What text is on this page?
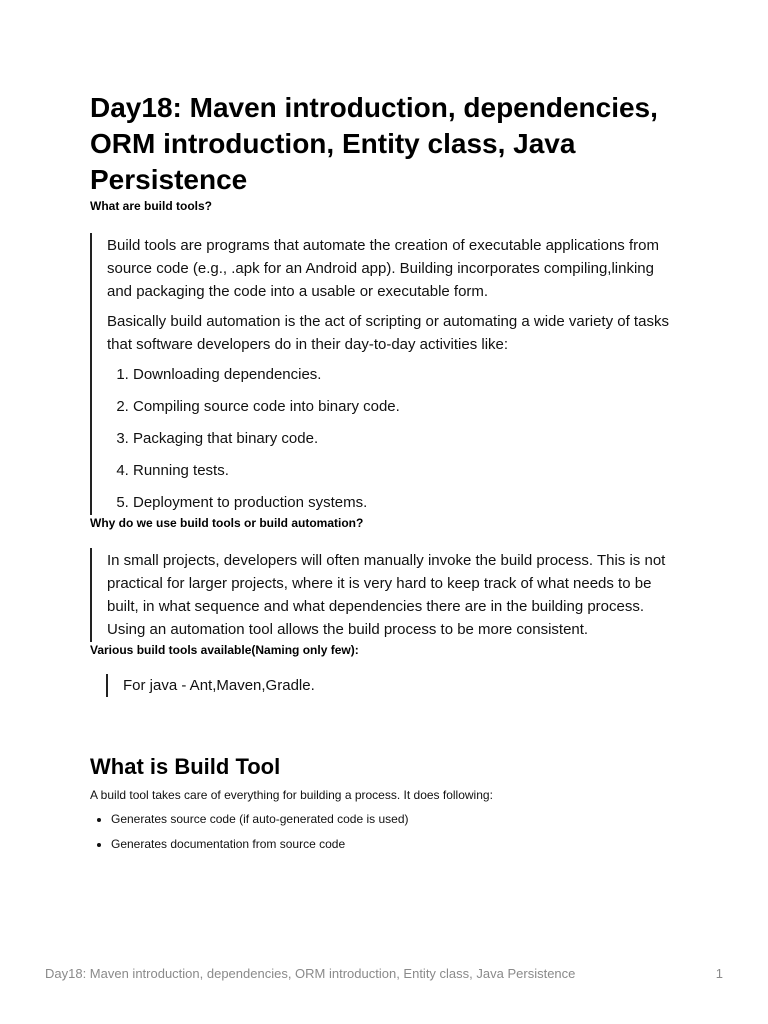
Day18: Maven introduction, dependencies, ORM introduction, Entity class, Java Persistence
What are build tools?

Build tools are programs that automate the creation of executable applications from source code (e.g., .apk for an Android app). Building incorporates compiling,linking and packaging the code into a usable or executable form.

Basically build automation is the act of scripting or automating a wide variety of tasks that software developers do in their day-to-day activities like:

1. Downloading dependencies.
2. Compiling source code into binary code.
3. Packaging that binary code.
4. Running tests.
5. Deployment to production systems.
Why do we use build tools or build automation?

In small projects, developers will often manually invoke the build process. This is not practical for larger projects, where it is very hard to keep track of what needs to be built, in what sequence and what dependencies there are in the building process. Using an automation tool allows the build process to be more consistent.

Various build tools available(Naming only few):

For java - Ant,Maven,Gradle.

What is Build Tool

A build tool takes care of everything for building a process. It does following:

• Generates source code (if auto-generated code is used)
• Generates documentation from source code
Day18: Maven introduction, dependencies, ORM introduction, Entity class, Java Persistence	1
